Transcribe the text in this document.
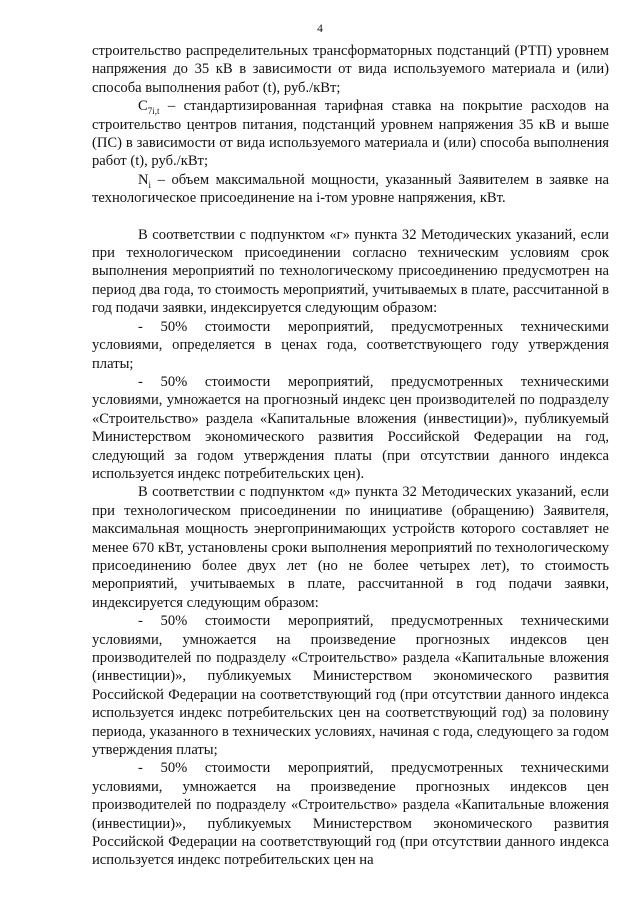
4

строительство распределительных трансформаторных подстанций (РТП) уровнем напряжения до 35 кВ в зависимости от вида используемого материала и (или) способа выполнения работ (t), руб./кВт;

$C_{7i,t}$ – стандартизированная тарифная ставка на покрытие расходов на строительство центров питания, подстанций уровнем напряжения 35 кВ и выше (ПС) в зависимости от вида используемого материала и (или) способа выполнения работ (t), руб./кВт;

$N_i$ – объем максимальной мощности, указанный Заявителем в заявке на технологическое присоединение на i-том уровне напряжения, кВт.

В соответствии с подпунктом «г» пункта 32 Методических указаний, если при технологическом присоединении согласно техническим условиям срок выполнения мероприятий по технологическому присоединению предусмотрен на период два года, то стоимость мероприятий, учитываемых в плате, рассчитанной в год подачи заявки, индексируется следующим образом:

- 50% стоимости мероприятий, предусмотренных техническими условиями, определяется в ценах года, соответствующего году утверждения платы;

- 50% стоимости мероприятий, предусмотренных техническими условиями, умножается на прогнозный индекс цен производителей по подразделу «Строительство» раздела «Капитальные вложения (инвестиции)», публикуемый Министерством экономического развития Российской Федерации на год, следующий за годом утверждения платы (при отсутствии данного индекса используется индекс потребительских цен).

В соответствии с подпунктом «д» пункта 32 Методических указаний, если при технологическом присоединении по инициативе (обращению) Заявителя, максимальная мощность энергопринимающих устройств которого составляет не менее 670 кВт, установлены сроки выполнения мероприятий по технологическому присоединению более двух лет (но не более четырех лет), то стоимость мероприятий, учитываемых в плате, рассчитанной в год подачи заявки, индексируется следующим образом:

- 50% стоимости мероприятий, предусмотренных техническими условиями, умножается на произведение прогнозных индексов цен производителей по подразделу «Строительство» раздела «Капитальные вложения (инвестиции)», публикуемых Министерством экономического развития Российской Федерации на соответствующий год (при отсутствии данного индекса используется индекс потребительских цен на соответствующий год) за половину периода, указанного в технических условиях, начиная с года, следующего за годом утверждения платы;

- 50% стоимости мероприятий, предусмотренных техническими условиями, умножается на произведение прогнозных индексов цен производителей по подразделу «Строительство» раздела «Капитальные вложения (инвестиции)», публикуемых Министерством экономического развития Российской Федерации на соответствующий год (при отсутствии данного индекса используется индекс потребительских цен на
